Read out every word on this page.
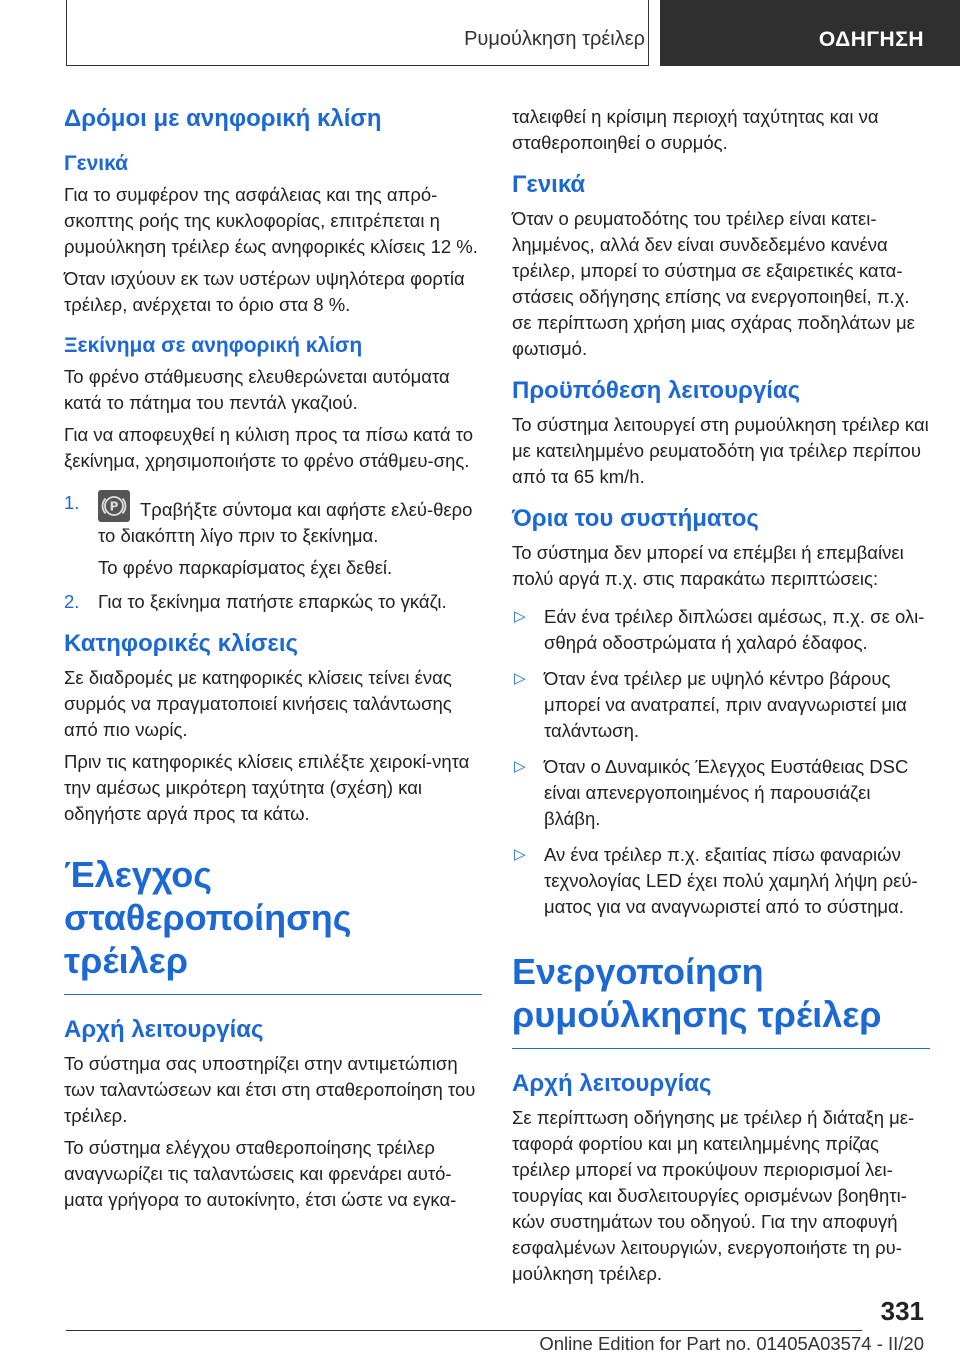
Ρυμούλκηση τρέιλερ	ΟΔΗΓΗΣΗ
Δρόμοι με ανηφορική κλίση
Γενικά

Για το συμφέρον της ασφάλειας και της απρό-σκοπτης ροής της κυκλοφορίας, επιτρέπεται η ρυμούλκηση τρέιλερ έως ανηφορικές κλίσεις 12 %.

Όταν ισχύουν εκ των υστέρων υψηλότερα φορτία τρέιλερ, ανέρχεται το όριο στα 8 %.

Ξεκίνημα σε ανηφορική κλίση

Το φρένο στάθμευσης ελευθερώνεται αυτόματα κατά το πάτημα του πεντάλ γκαζιού.

Για να αποφευχθεί η κύλιση προς τα πίσω κατά το ξεκίνημα, χρησιμοποιήστε το φρένο στάθμευ-σης.

1.	P Τραβήξτε σύντομα και αφήστε ελεύ-θερο το διακόπτη λίγο πριν το ξεκίνημα.
Το φρένο παρκαρίσματος έχει δεθεί.
2.	Για το ξεκίνημα πατήστε επαρκώς το γκάζι.
Κατηφορικές κλίσεις

Σε διαδρομές με κατηφορικές κλίσεις τείνει ένας συρμός να πραγματοποιεί κινήσεις ταλάντωσης από πιο νωρίς.

Πριν τις κατηφορικές κλίσεις επιλέξτε χειροκί-νητα την αμέσως μικρότερη ταχύτητα (σχέση) και οδηγήστε αργά προς τα κάτω.

Έλεγχος σταθεροποίησης τρέιλερ
Αρχή λειτουργίας

Το σύστημα σας υποστηρίζει στην αντιμετώπιση των ταλαντώσεων και έτσι στη σταθεροποίηση του τρέιλερ.

Το σύστημα ελέγχου σταθεροποίησης τρέιλερ αναγνωρίζει τις ταλαντώσεις και φρενάρει αυτό-ματα γρήγορα το αυτοκίνητο, έτσι ώστε να εγκα-

ταλειφθεί η κρίσιμη περιοχή ταχύτητας και να σταθεροποιηθεί ο συρμός.

Γενικά

Όταν ο ρευματοδότης του τρέιλερ είναι κατει-λημμένος, αλλά δεν είναι συνδεδεμένο κανένα τρέιλερ, μπορεί το σύστημα σε εξαιρετικές κατα-στάσεις οδήγησης επίσης να ενεργοποιηθεί, π.χ. σε περίπτωση χρήση μιας σχάρας ποδηλάτων με φωτισμό.

Προϋπόθεση λειτουργίας

Το σύστημα λειτουργεί στη ρυμούλκηση τρέιλερ και με κατειλημμένο ρευματοδότη για τρέιλερ περίπου από τα 65 km/h.

Όρια του συστήματος

Το σύστημα δεν μπορεί να επέμβει ή επεμβαίνει πολύ αργά π.χ. στις παρακάτω περιπτώσεις:

▷ Εάν ένα τρέιλερ διπλώσει αμέσως, π.χ. σε ολι-σθηρά οδοστρώματα ή χαλαρό έδαφος.
▷ Όταν ένα τρέιλερ με υψηλό κέντρο βάρους μπορεί να ανατραπεί, πριν αναγνωριστεί μια ταλάντωση.
▷ Όταν ο Δυναμικός Έλεγχος Ευστάθειας DSC είναι απενεργοποιημένος ή παρουσιάζει βλάβη.
▷ Αν ένα τρέιλερ π.χ. εξαιτίας πίσω φαναριών τεχνολογίας LED έχει πολύ χαμηλή λήψη ρεύ-ματος για να αναγνωριστεί από το σύστημα.
Ενεργοποίηση ρυμούλκησης τρέιλερ
Αρχή λειτουργίας

Σε περίπτωση οδήγησης με τρέιλερ ή διάταξη με-ταφορά φορτίου και μη κατειλημμένης πρίζας τρέιλερ μπορεί να προκύψουν περιορισμοί λει-τουργίας και δυσλειτουργίες ορισμένων βοηθητι-κών συστημάτων του οδηγού. Για την αποφυγή εσφαλμένων λειτουργιών, ενεργοποιήστε τη ρυ-μούλκηση τρέιλερ.

331
Online Edition for Part no. 01405A03574 - II/20
